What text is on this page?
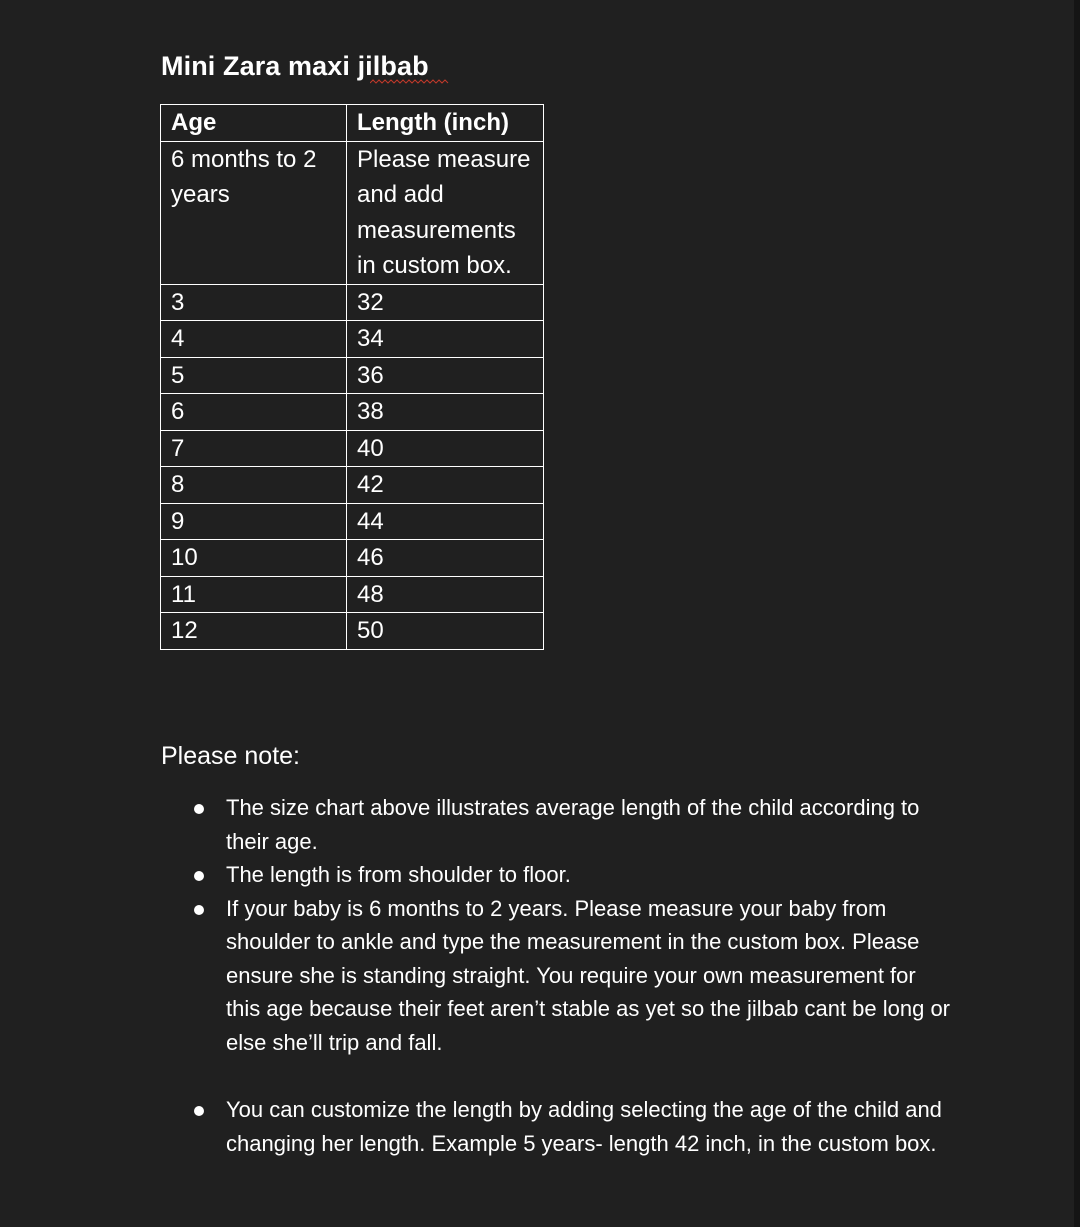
Mini Zara maxi jilbab
Age	Length (inch)
6 months to 2 years	Please measure and add measurements in custom box.
3	32
4	34
5	36
6	38
7	40
8	42
9	44
10	46
11	48
12	50
Please note:
The size chart above illustrates average length of the child according to their age.
The length is from shoulder to floor.
If your baby is 6 months to 2 years. Please measure your baby from shoulder to ankle and type the measurement in the custom box. Please ensure she is standing straight. You require your own measurement for this age because their feet aren’t stable as yet so the jilbab cant be long or else she’ll trip and fall.
You can customize the length by adding selecting the age of the child and changing her length. Example 5 years- length 42 inch, in the custom box.
